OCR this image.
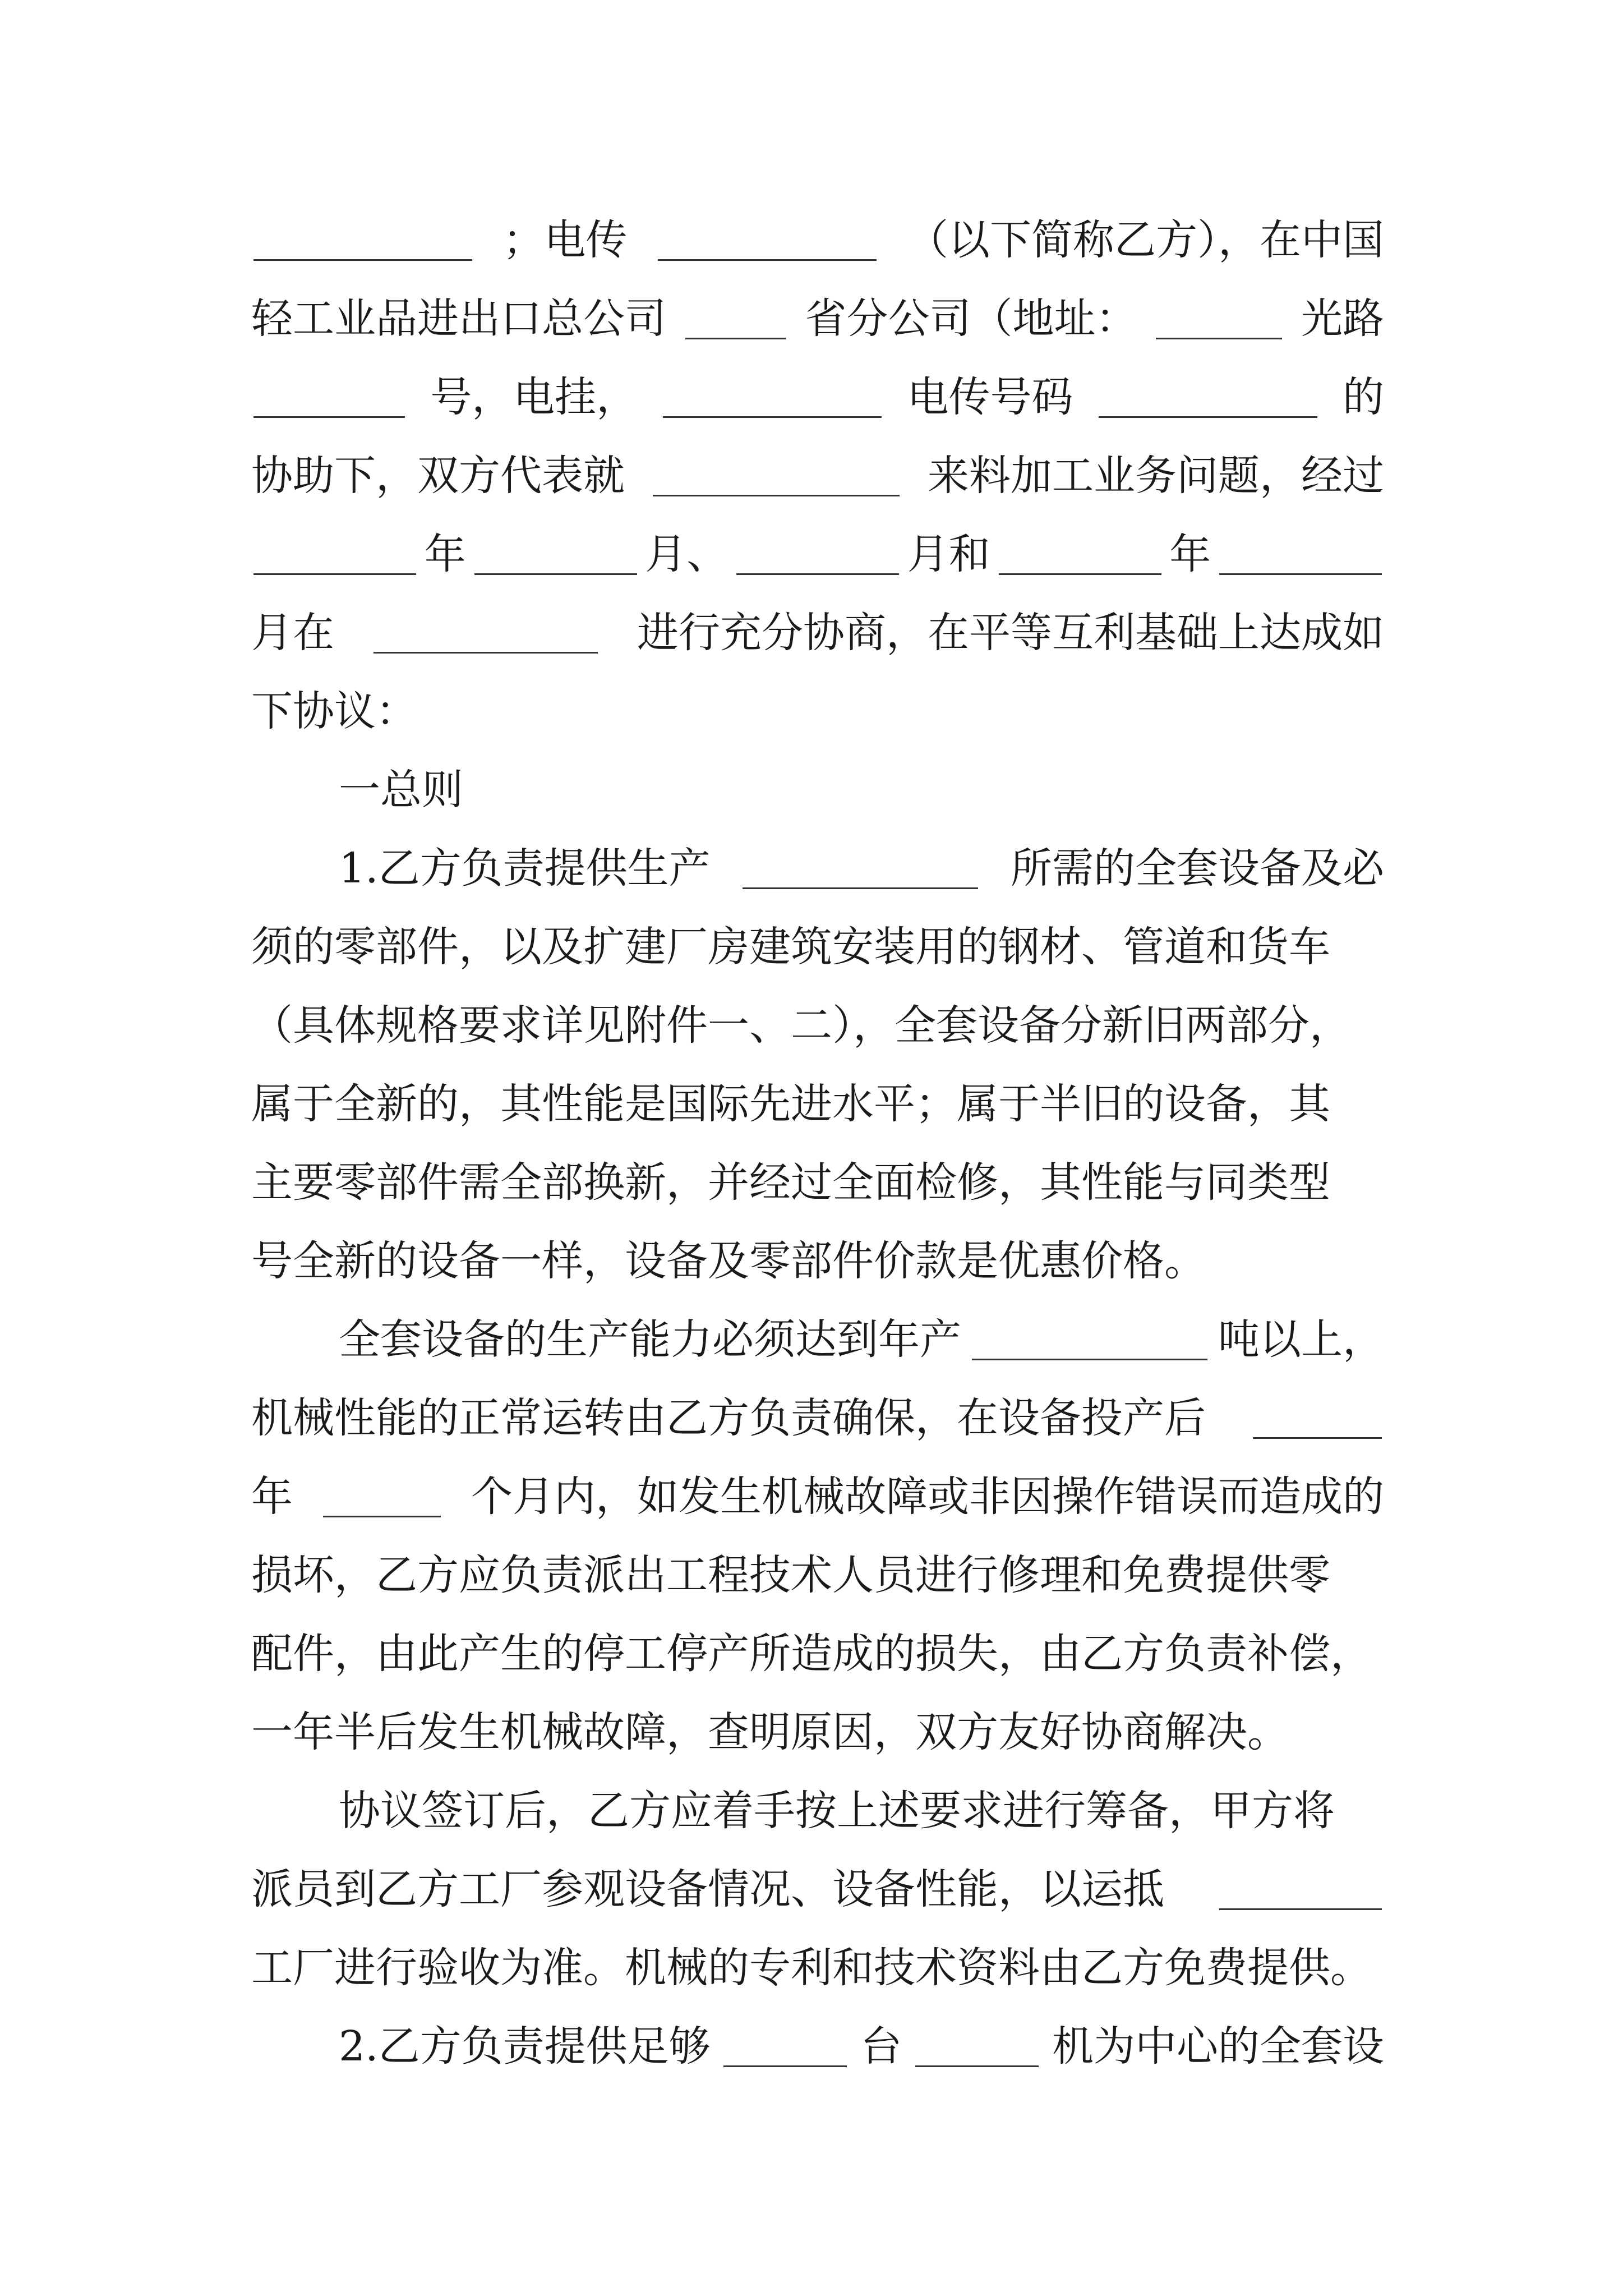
；电传	（以下简称乙方），在中国
轻工业品进出口总公司	省分公司（地址：	光路
号，电挂，	电传号码	的
协助下，双方代表就	来料加工业务问题，经过
年	月、	月和	年
月在	进行充分协商，在平等互利基础上达成如
下协议：
一总则
1.乙方负责提供生产	所需的全套设备及必
须的零部件，以及扩建厂房建筑安装用的钢材、管道和货车
（具体规格要求详见附件一、二），全套设备分新旧两部分，
属于全新的，其性能是国际先进水平；属于半旧的设备，其
主要零部件需全部换新，并经过全面检修，其性能与同类型
号全新的设备一样，设备及零部件价款是优惠价格。
全套设备的生产能力必须达到年产	吨以上，
机械性能的正常运转由乙方负责确保，在设备投产后
年	个月内，如发生机械故障或非因操作错误而造成的
损坏，乙方应负责派出工程技术人员进行修理和免费提供零
配件，由此产生的停工停产所造成的损失，由乙方负责补偿，
一年半后发生机械故障，查明原因，双方友好协商解决。
协议签订后，乙方应着手按上述要求进行筹备，甲方将
派员到乙方工厂参观设备情况、设备性能，以运抵
工厂进行验收为准。机械的专利和技术资料由乙方免费提供。
2.乙方负责提供足够	台	机为中心的全套设
